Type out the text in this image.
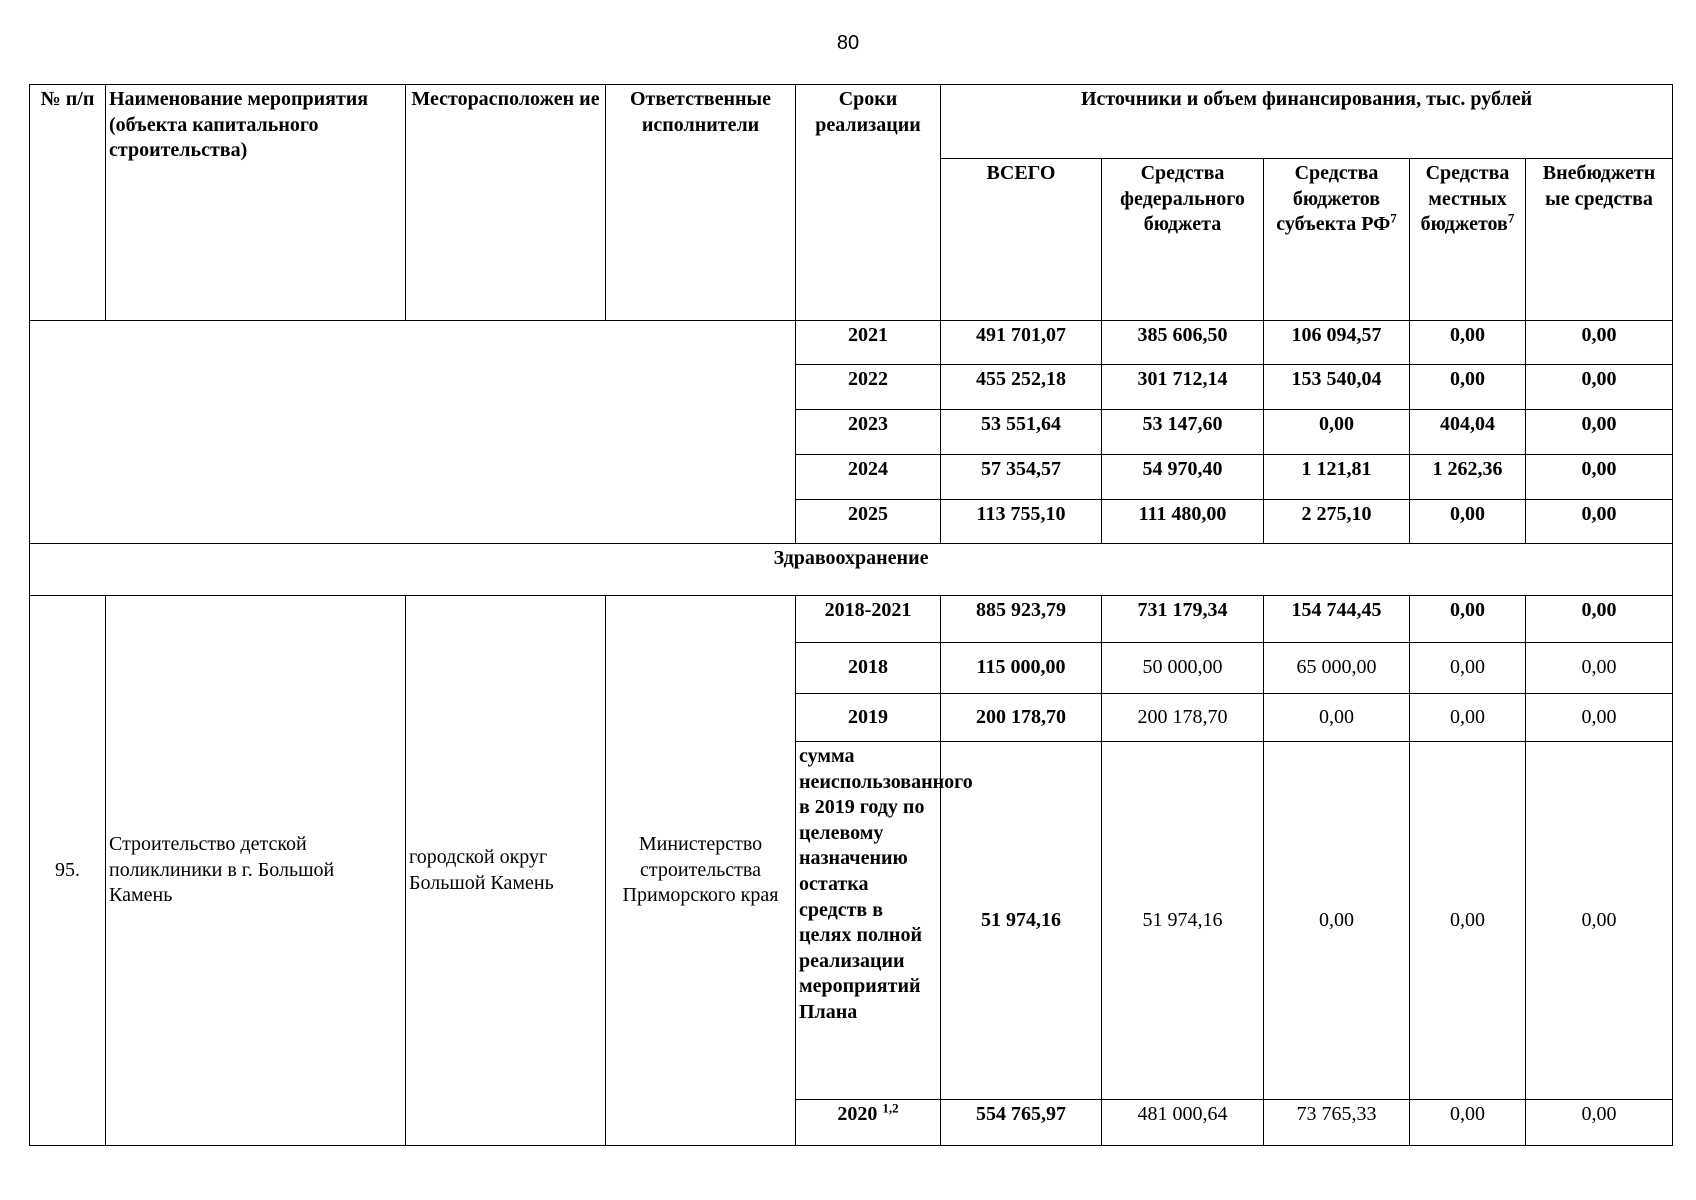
80
№ п/п	Наименование мероприятия (объекта капитального строительства)	Месторасположен ие	Ответственные исполнители	Сроки реализации	Источники и объем финансирования, тыс. рублей				
					ВСЕГО	Средства федерального бюджета	Средства бюджетов субъекта $РФ^7$	Средства местных бюджетов$^7$	Внебюджетн ые средства
				2021	491 701,07	385 606,50	106 094,57	0,00	0,00
				2022	455 252,18	301 712,14	153 540,04	0,00	0,00
				2023	53 551,64	53 147,60	0,00	404,04	0,00
				2024	57 354,57	54 970,40	1 121,81	1 262,36	0,00
				2025	113 755,10	111 480,00	2 275,10	0,00	0,00
Здравоохранение									
95.	Строительство детской поликлиники в г. Большой Камень	городской округ Большой Камень	Министерство строительства Приморского края	2018-2021	885 923,79	731 179,34	154 744,45	0,00	0,00
				2018	115 000,00	50 000,00	65 000,00	0,00	0,00
				2019	200 178,70	200 178,70	0,00	0,00	0,00
				сумма неиспользованного в 2019 году по целевому назначению остатка средств в целях полной реализации мероприятий Плана	51 974,16	51 974,16	0,00	0,00	0,00
				2020 $^{1,2}$	554 765,97	481 000,64	73 765,33	0,00	0,00
